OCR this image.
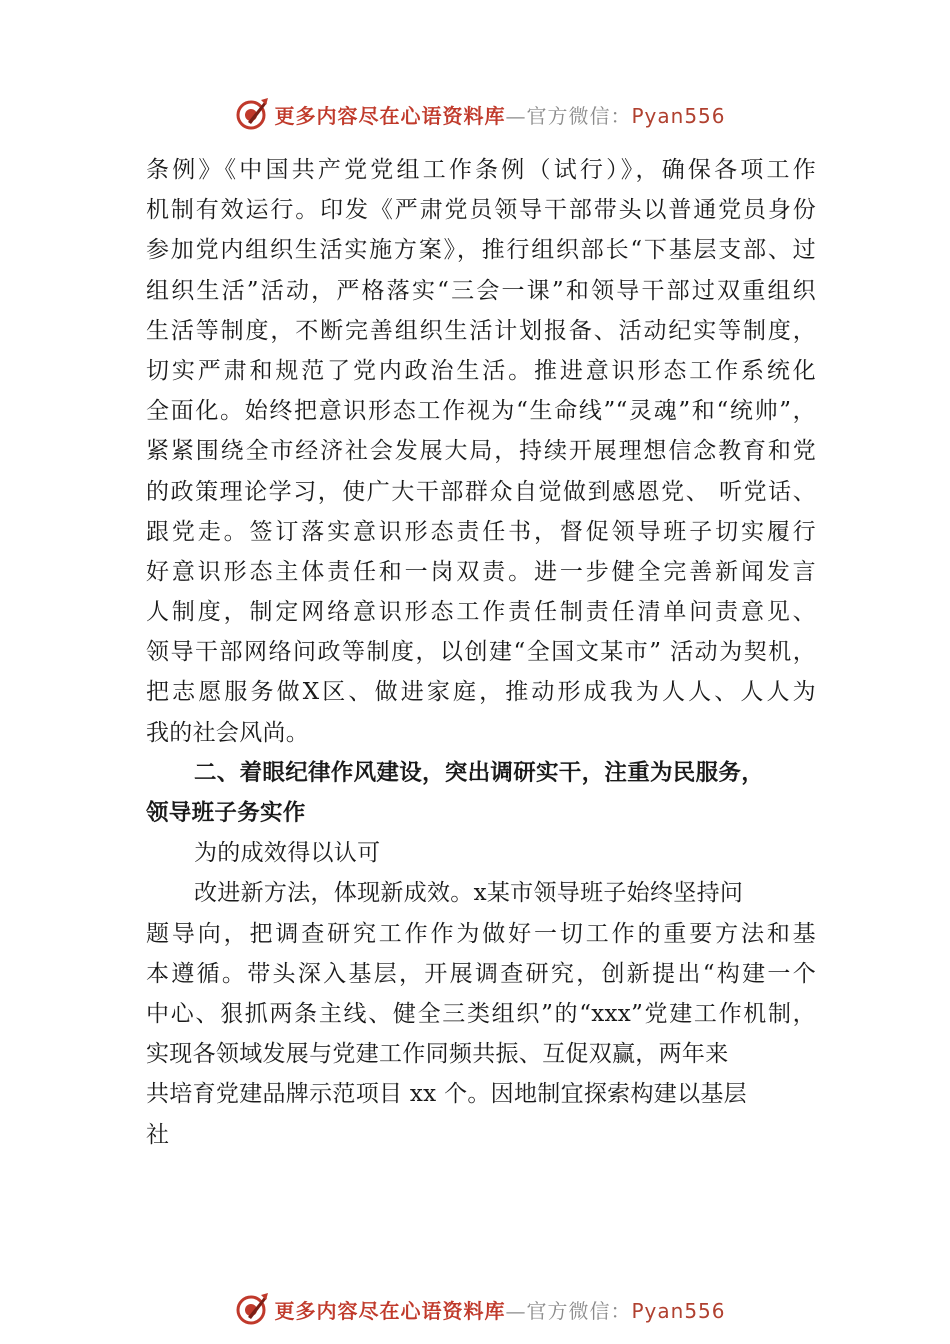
更多内容尽在心语资料库—官方微信：Pyan556
条例》《中国共产党党组工作条例（试行）》，确保各项工作
机制有效运行。印发《严肃党员领导干部带头以普通党员身份
参加党内组织生活实施方案》，推行组织部长“下基层支部、过
组织生活”活动，严格落实“三会一课”和领导干部过双重组织
生活等制度，不断完善组织生活计划报备、活动纪实等制度，
切实严肃和规范了党内政治生活。推进意识形态工作系统化
全面化。始终把意识形态工作视为“生命线”“灵魂”和“统帅”，
紧紧围绕全市经济社会发展大局，持续开展理想信念教育和党
的政策理论学习，使广大干部群众自觉做到感恩党、 听党话、
跟党走。签订落实意识形态责任书，督促领导班子切实履行
好意识形态主体责任和一岗双责。进一步健全完善新闻发言
人制度，制定网络意识形态工作责任制责任清单问责意见、
领导干部网络问政等制度，以创建“全国文某市” 活动为契机，
把志愿服务做X区、做进家庭，推动形成我为人人、人人为
我的社会风尚。
二、着眼纪律作风建设，突出调研实干，注重为民服务，
领导班子务实作
为的成效得以认可
改进新方法，体现新成效。x某市领导班子始终坚持问
题导向，把调查研究工作作为做好一切工作的重要方法和基
本遵循。带头深入基层，开展调查研究，创新提出“构建一个
中心、狠抓两条主线、健全三类组织”的“xxx”党建工作机制，
实现各领域发展与党建工作同频共振、互促双赢，两年来
共培育党建品牌示范项目 xx 个。因地制宜探索构建以基层
社
更多内容尽在心语资料库—官方微信：Pyan556
